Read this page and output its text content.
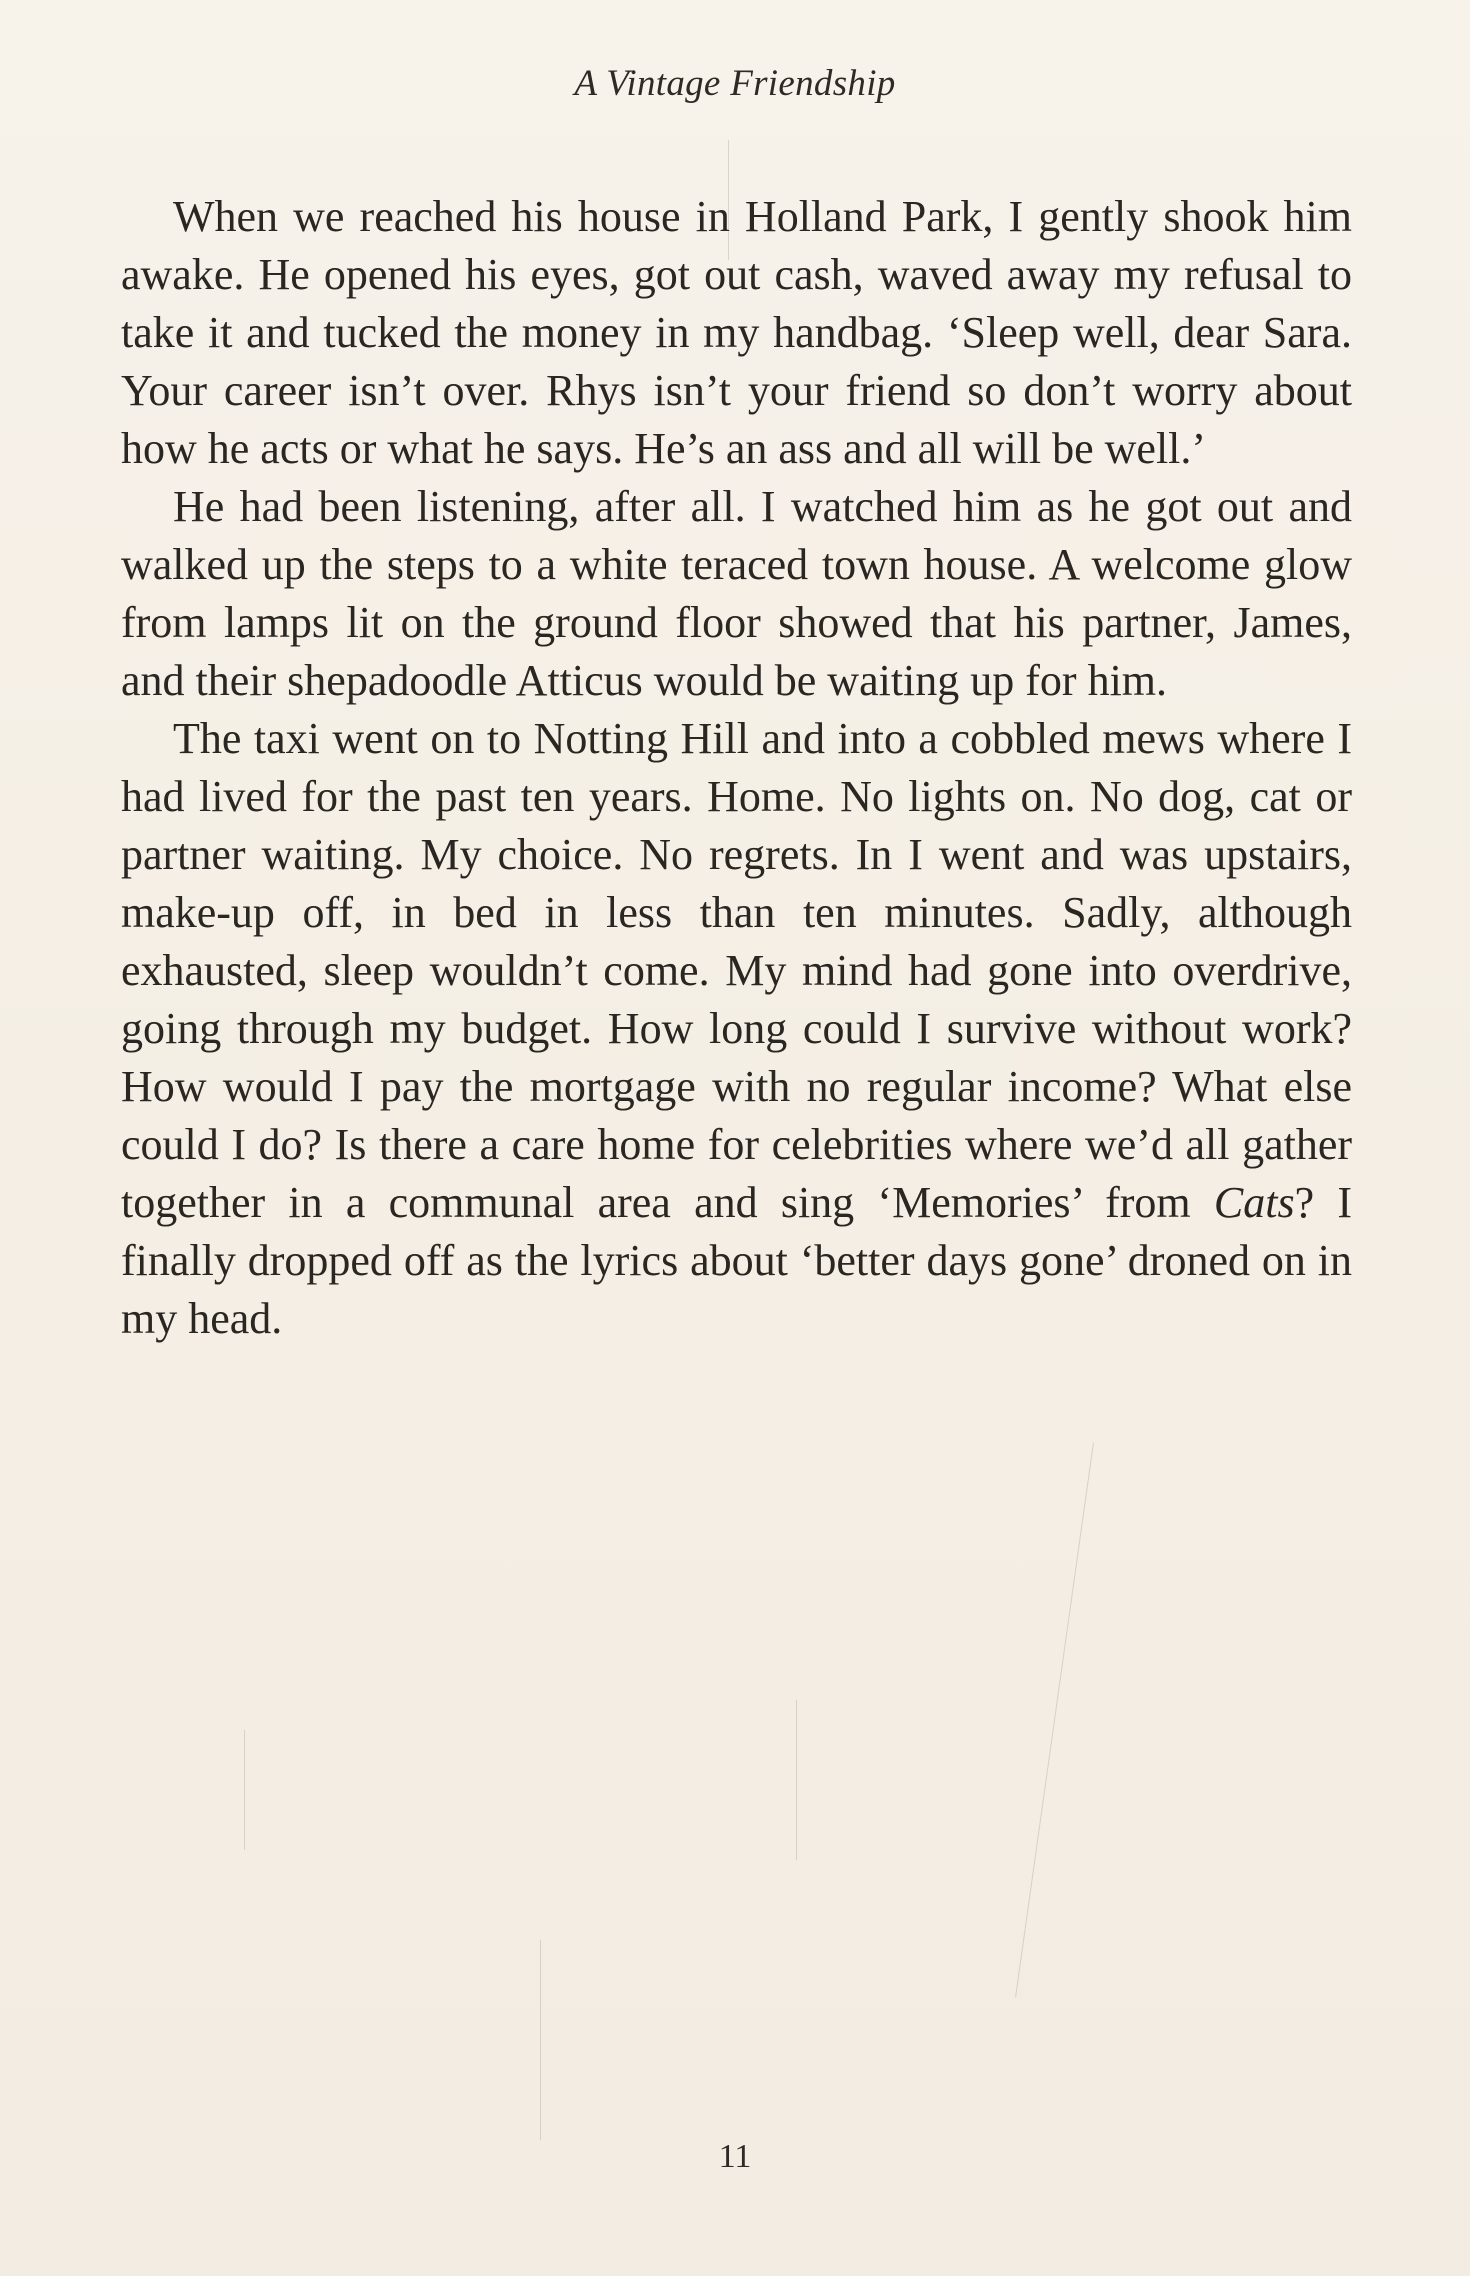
A Vintage Friendship

When we reached his house in Holland Park, I gently shook him awake. He opened his eyes, got out cash, waved away my refusal to take it and tucked the money in my handbag. ‘Sleep well, dear Sara. Your career isn’t over. Rhys isn’t your friend so don’t worry about how he acts or what he says. He’s an ass and all will be well.’

He had been listening, after all. I watched him as he got out and walked up the steps to a white teraced town house. A welcome glow from lamps lit on the ground floor showed that his partner, James, and their shepadoodle Atticus would be waiting up for him.

The taxi went on to Notting Hill and into a cobbled mews where I had lived for the past ten years. Home. No lights on. No dog, cat or partner waiting. My choice. No regrets. In I went and was upstairs, make-up off, in bed in less than ten minutes. Sadly, although exhausted, sleep wouldn’t come. My mind had gone into overdrive, going through my budget. How long could I survive without work? How would I pay the mortgage with no regular income? What else could I do? Is there a care home for celebrities where we’d all gather together in a communal area and sing ‘Memories’ from Cats? I finally dropped off as the lyrics about ‘better days gone’ droned on in my head.

11
